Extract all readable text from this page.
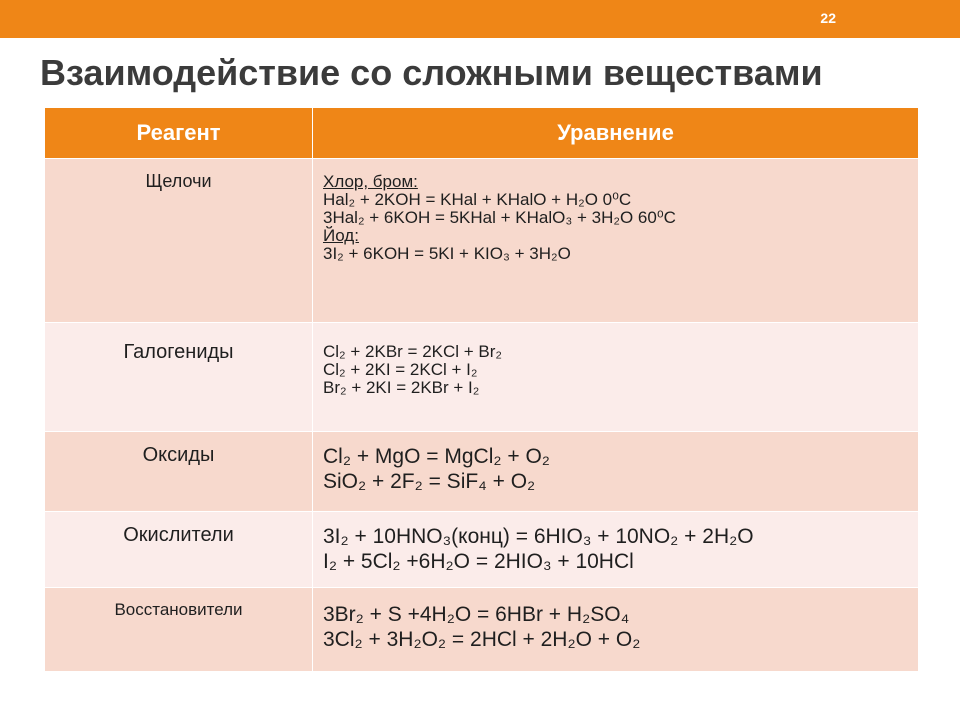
22
Взаимодействие со сложными веществами
Реагент	Уравнение
Щелочи	Хлор, бром:
Hal₂ + 2KOH = KHal + KHalO + H₂O 0⁰C
3Hal₂ + 6KOH = 5KHal + KHalO₃ + 3H₂O 60⁰C
Йод:
3I₂ + 6KOH = 5KI + KIO₃ + 3H₂O

Галогениды	Cl₂ + 2KBr = 2KCl + Br₂
Cl₂ + 2KI = 2KCl + I₂
Br₂ + 2KI = 2KBr + I₂

Оксиды	Cl₂ + MgO = MgCl₂ + O₂
SiO₂ + 2F₂ = SiF₄ + O₂

Окислители	3I₂ + 10HNO₃(конц) = 6HIO₃ + 10NO₂ + 2H₂O
I₂ + 5Cl₂ +6H₂O = 2HIO₃ + 10HCl

Восстановители	3Br₂ + S +4H₂O = 6HBr + H₂SO₄
3Cl₂ + 3H₂O₂ = 2HCl + 2H₂O + O₂
